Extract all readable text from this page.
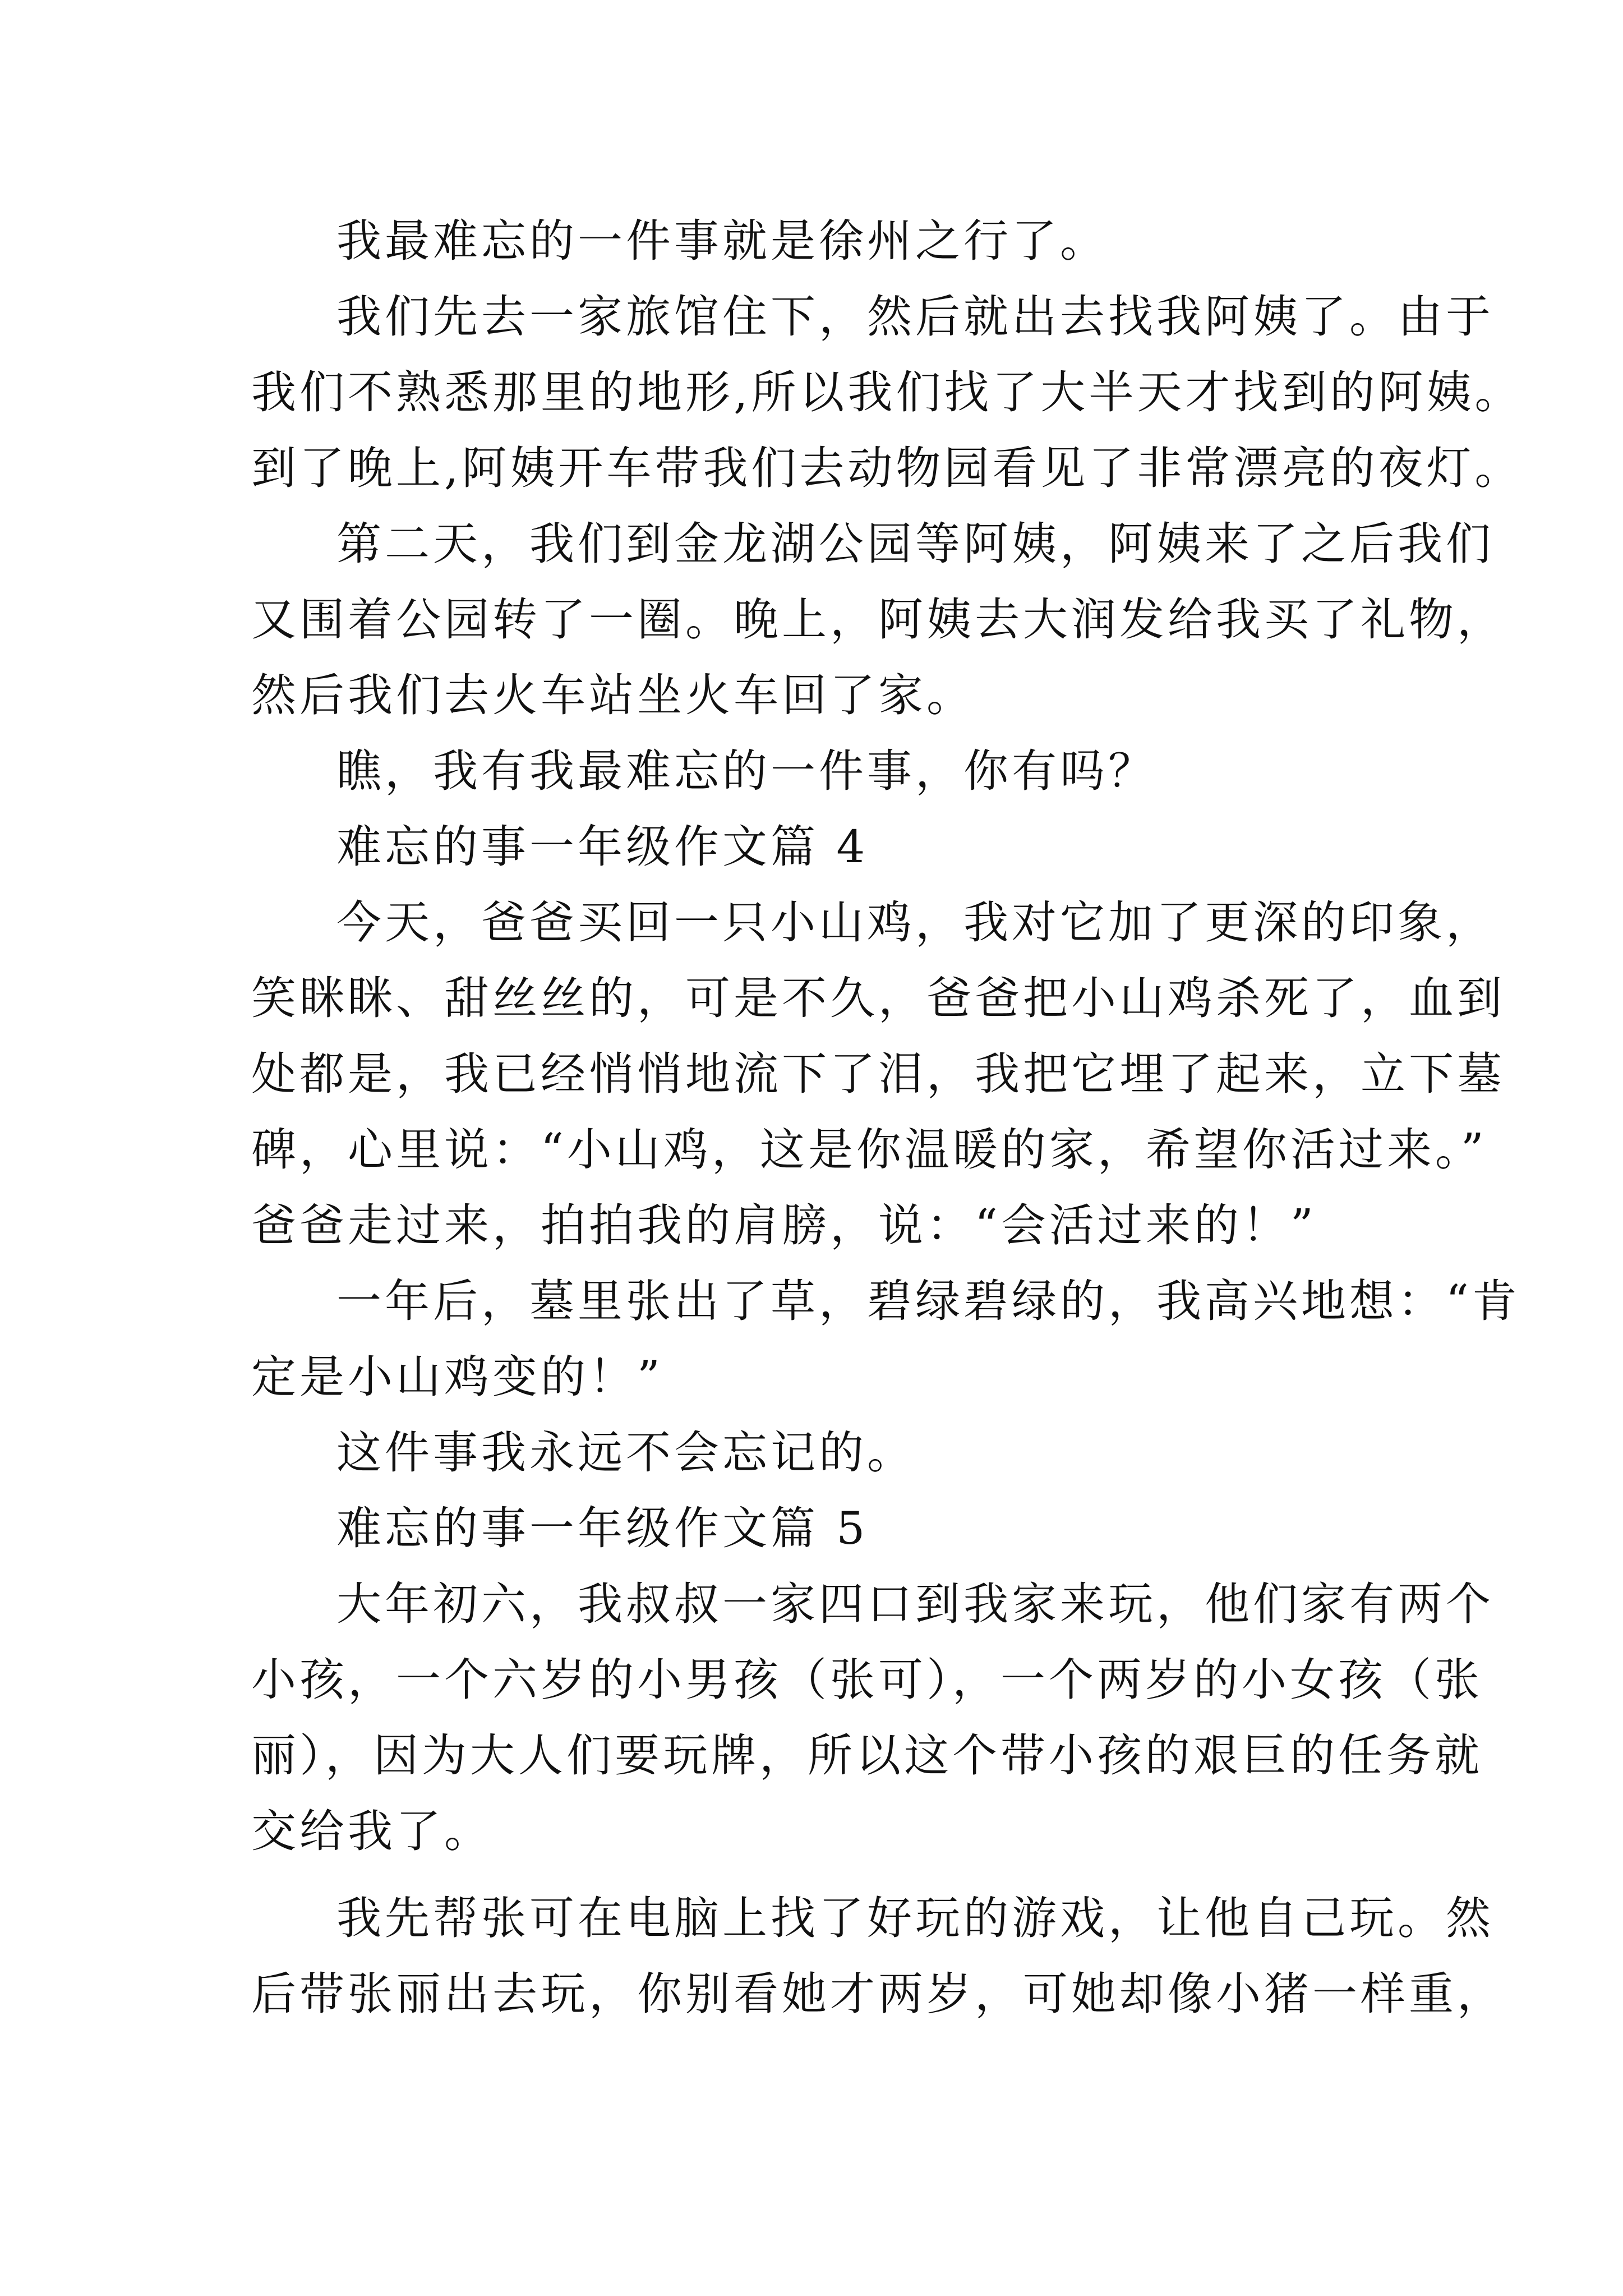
我最难忘的一件事就是徐州之行了。
我们先去一家旅馆住下，然后就出去找我阿姨了。由于
我们不熟悉那里的地形,所以我们找了大半天才找到的阿姨。
到了晚上,阿姨开车带我们去动物园看见了非常漂亮的夜灯。
第二天，我们到金龙湖公园等阿姨，阿姨来了之后我们
又围着公园转了一圈。晚上，阿姨去大润发给我买了礼物，
然后我们去火车站坐火车回了家。
瞧，我有我最难忘的一件事，你有吗？
难忘的事一年级作文篇 4
今天，爸爸买回一只小山鸡，我对它加了更深的印象，
笑眯眯、甜丝丝的，可是不久，爸爸把小山鸡杀死了，血到
处都是，我已经悄悄地流下了泪，我把它埋了起来，立下墓
碑，心里说：“小山鸡，这是你温暖的家，希望你活过来。”
爸爸走过来，拍拍我的肩膀，说：“会活过来的！”
一年后，墓里张出了草，碧绿碧绿的，我高兴地想：“肯
定是小山鸡变的！”
这件事我永远不会忘记的。
难忘的事一年级作文篇 5
大年初六，我叔叔一家四口到我家来玩，他们家有两个
小孩，一个六岁的小男孩（张可），一个两岁的小女孩（张
丽），因为大人们要玩牌，所以这个带小孩的艰巨的任务就
交给我了。
我先帮张可在电脑上找了好玩的游戏，让他自己玩。然
后带张丽出去玩，你别看她才两岁，可她却像小猪一样重，
